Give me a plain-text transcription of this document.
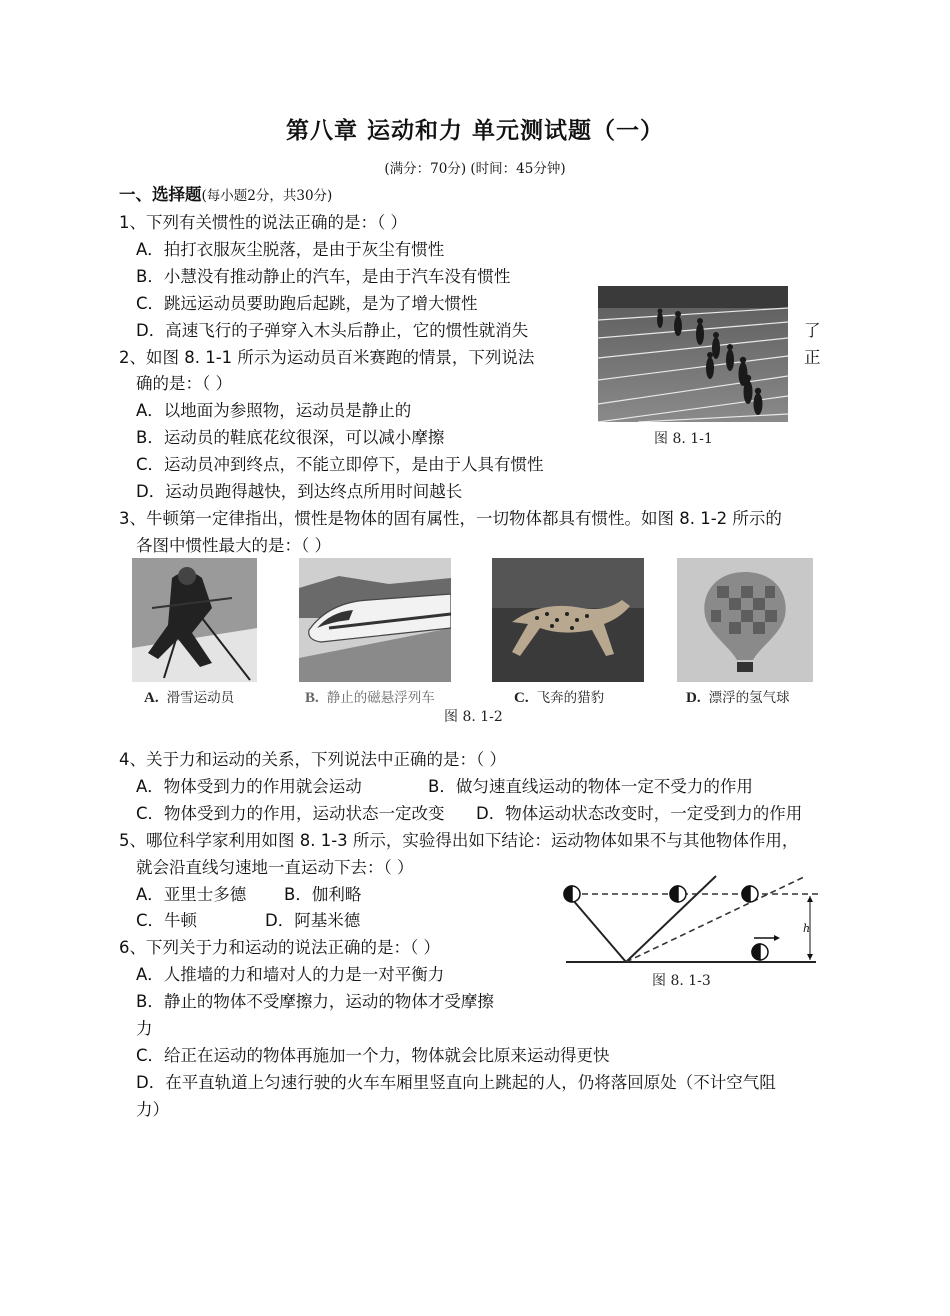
第八章 运动和力 单元测试题（一）
(满分：70分) (时间：45分钟)
一、选择题(每小题2分，共30分)
1、下列有关惯性的说法正确的是：（ ）
A．拍打衣服灰尘脱落，是由于灰尘有惯性
B．小慧没有推动静止的汽车，是由于汽车没有惯性
C．跳远运动员要助跑后起跳，是为了增大惯性
D．高速飞行的子弹穿入木头后静止，它的惯性就消失	了
图 8. 1-1
2、如图 8. 1-1 所示为运动员百米赛跑的情景，下列说法	正
确的是：（ ）
A．以地面为参照物，运动员是静止的
B．运动员的鞋底花纹很深，可以减小摩擦
C．运动员冲到终点，不能立即停下，是由于人具有惯性
D．运动员跑得越快，到达终点所用时间越长
3、牛顿第一定律指出，惯性是物体的固有属性，一切物体都具有惯性。如图 8. 1-2 所示的
各图中惯性最大的是：（ ）
A. 滑雪运动员	B. 静止的磁悬浮列车	C. 飞奔的猎豹	D. 漂浮的氢气球
图 8. 1-2
4、关于力和运动的关系，下列说法中正确的是：（ ）
A．物体受到力的作用就会运动	B．做匀速直线运动的物体一定不受力的作用
C．物体受到力的作用，运动状态一定改变 D．物体运动状态改变时，一定受到力的作用
5、哪位科学家利用如图 8. 1-3 所示，实验得出如下结论：运动物体如果不与其他物体作用，
就会沿直线匀速地一直运动下去：（ ）
A．亚里士多德 B．伽利略
C．牛顿	D．阿基米德	h
图 8. 1-3
6、下列关于力和运动的说法正确的是：（ ）
A．人推墙的力和墙对人的力是一对平衡力
B．静止的物体不受摩擦力，运动的物体才受摩擦
力
C．给正在运动的物体再施加一个力，物体就会比原来运动得更快
D．在平直轨道上匀速行驶的火车车厢里竖直向上跳起的人，仍将落回原处（不计空气阻
力）
